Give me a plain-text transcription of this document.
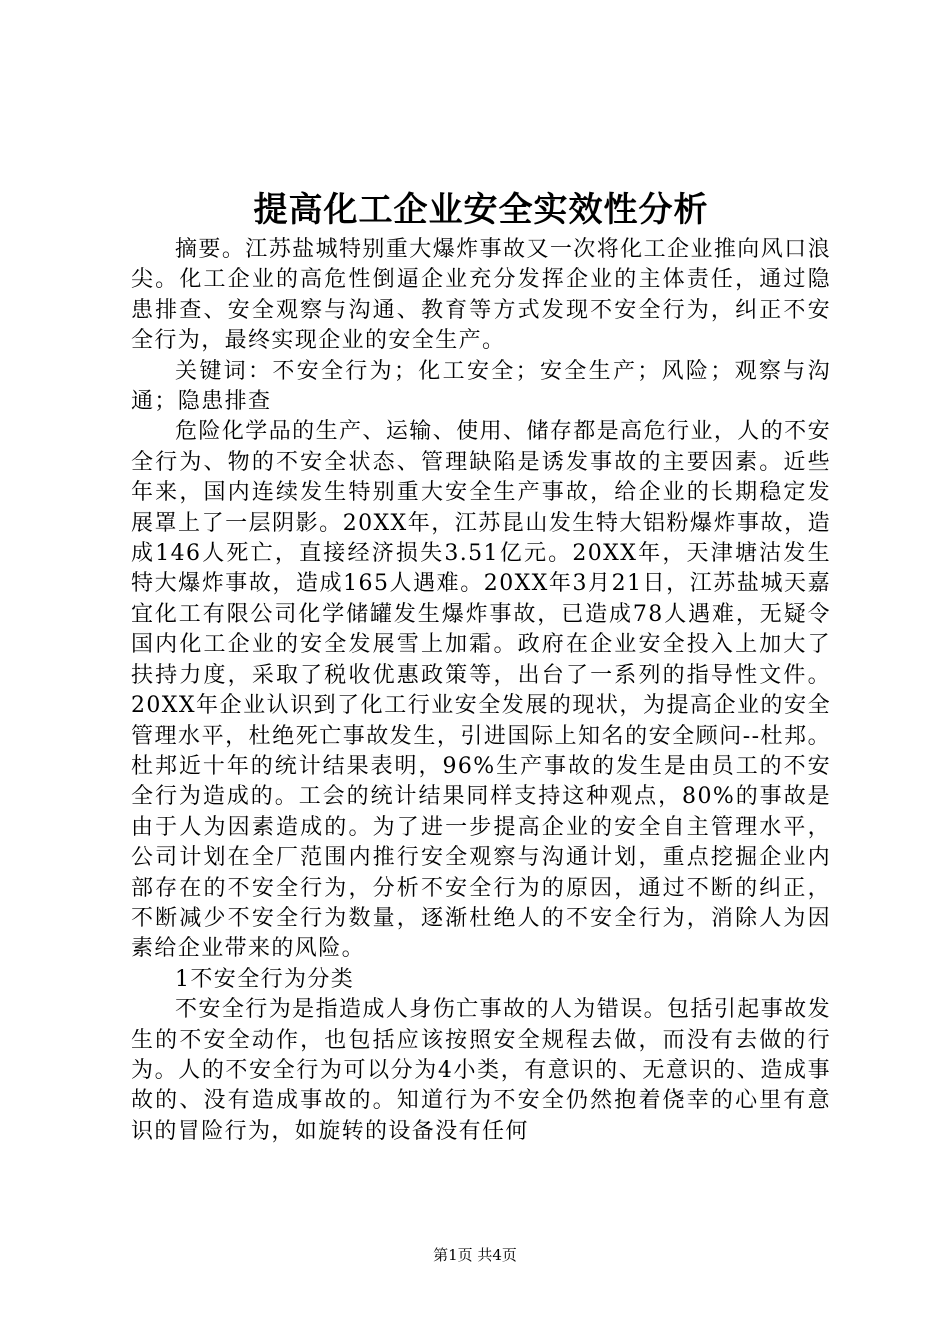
提高化工企业安全实效性分析

摘要。江苏盐城特别重大爆炸事故又一次将化工企业推向风口浪尖。化工企业的高危性倒逼企业充分发挥企业的主体责任，通过隐患排查、安全观察与沟通、教育等方式发现不安全行为，纠正不安全行为，最终实现企业的安全生产。

关键词：不安全行为；化工安全；安全生产；风险；观察与沟通；隐患排查

危险化学品的生产、运输、使用、储存都是高危行业，人的不安全行为、物的不安全状态、管理缺陷是诱发事故的主要因素。近些年来，国内连续发生特别重大安全生产事故，给企业的长期稳定发展罩上了一层阴影。20XX年，江苏昆山发生特大铝粉爆炸事故，造成146人死亡，直接经济损失3.51亿元。20XX年，天津塘沽发生特大爆炸事故，造成165人遇难。20XX年3月21日，江苏盐城天嘉宜化工有限公司化学储罐发生爆炸事故，已造成78人遇难，无疑令国内化工企业的安全发展雪上加霜。政府在企业安全投入上加大了扶持力度，采取了税收优惠政策等，出台了一系列的指导性文件。20XX年企业认识到了化工行业安全发展的现状，为提高企业的安全管理水平，杜绝死亡事故发生，引进国际上知名的安全顾问--杜邦。杜邦近十年的统计结果表明，96%生产事故的发生是由员工的不安全行为造成的。工会的统计结果同样支持这种观点，80%的事故是由于人为因素造成的。为了进一步提高企业的安全自主管理水平，公司计划在全厂范围内推行安全观察与沟通计划，重点挖掘企业内部存在的不安全行为，分析不安全行为的原因，通过不断的纠正，不断减少不安全行为数量，逐渐杜绝人的不安全行为，消除人为因素给企业带来的风险。

1不安全行为分类

不安全行为是指造成人身伤亡事故的人为错误。包括引起事故发生的不安全动作，也包括应该按照安全规程去做，而没有去做的行为。人的不安全行为可以分为4小类，有意识的、无意识的、造成事故的、没有造成事故的。知道行为不安全仍然抱着侥幸的心里有意识的冒险行为，如旋转的设备没有任何

第1页 共4页
